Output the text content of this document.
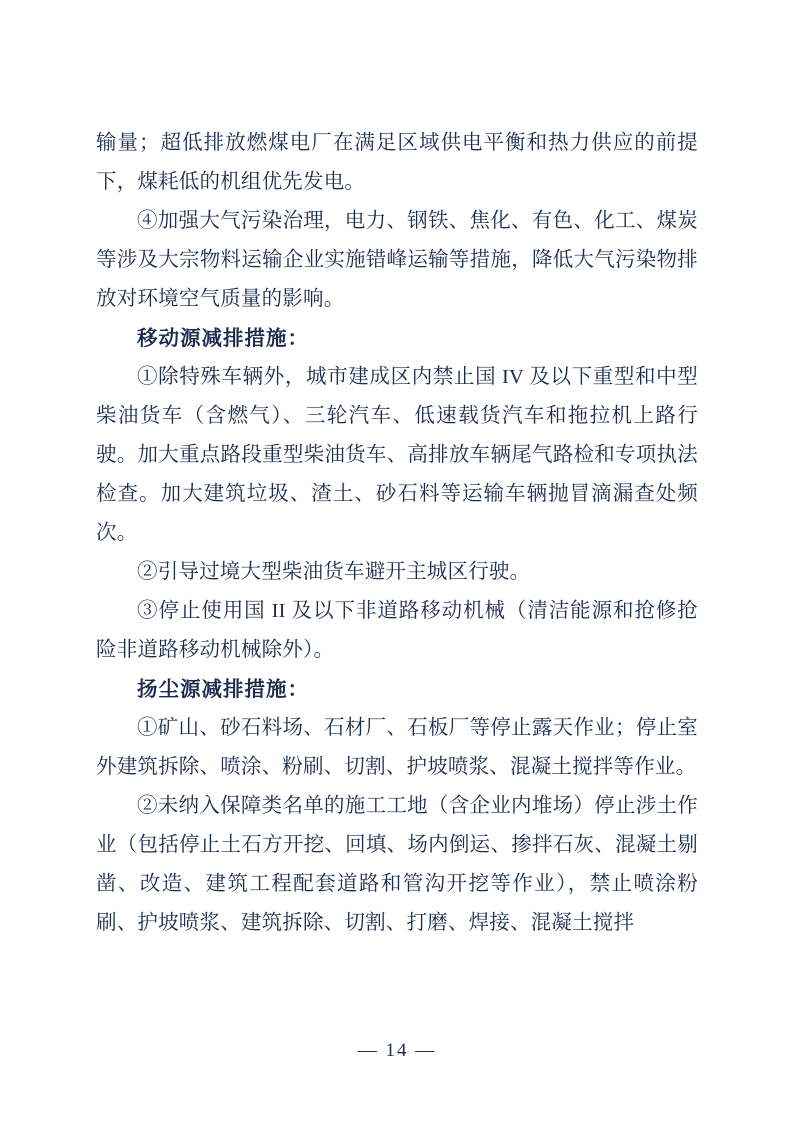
输量；超低排放燃煤电厂在满足区域供电平衡和热力供应的前提下，煤耗低的机组优先发电。

④加强大气污染治理，电力、钢铁、焦化、有色、化工、煤炭等涉及大宗物料运输企业实施错峰运输等措施，降低大气污染物排放对环境空气质量的影响。

移动源减排措施：

①除特殊车辆外，城市建成区内禁止国 IV 及以下重型和中型柴油货车（含燃气）、三轮汽车、低速载货汽车和拖拉机上路行驶。加大重点路段重型柴油货车、高排放车辆尾气路检和专项执法检查。加大建筑垃圾、渣土、砂石料等运输车辆抛冒滴漏查处频次。

②引导过境大型柴油货车避开主城区行驶。

③停止使用国 II 及以下非道路移动机械（清洁能源和抢修抢险非道路移动机械除外）。

扬尘源减排措施：

①矿山、砂石料场、石材厂、石板厂等停止露天作业；停止室外建筑拆除、喷涂、粉刷、切割、护坡喷浆、混凝土搅拌等作业。

②未纳入保障类名单的施工工地（含企业内堆场）停止涉土作业（包括停止土石方开挖、回填、场内倒运、掺拌石灰、混凝土剔凿、改造、建筑工程配套道路和管沟开挖等作业），禁止喷涂粉刷、护坡喷浆、建筑拆除、切割、打磨、焊接、混凝土搅拌

— 14 —
